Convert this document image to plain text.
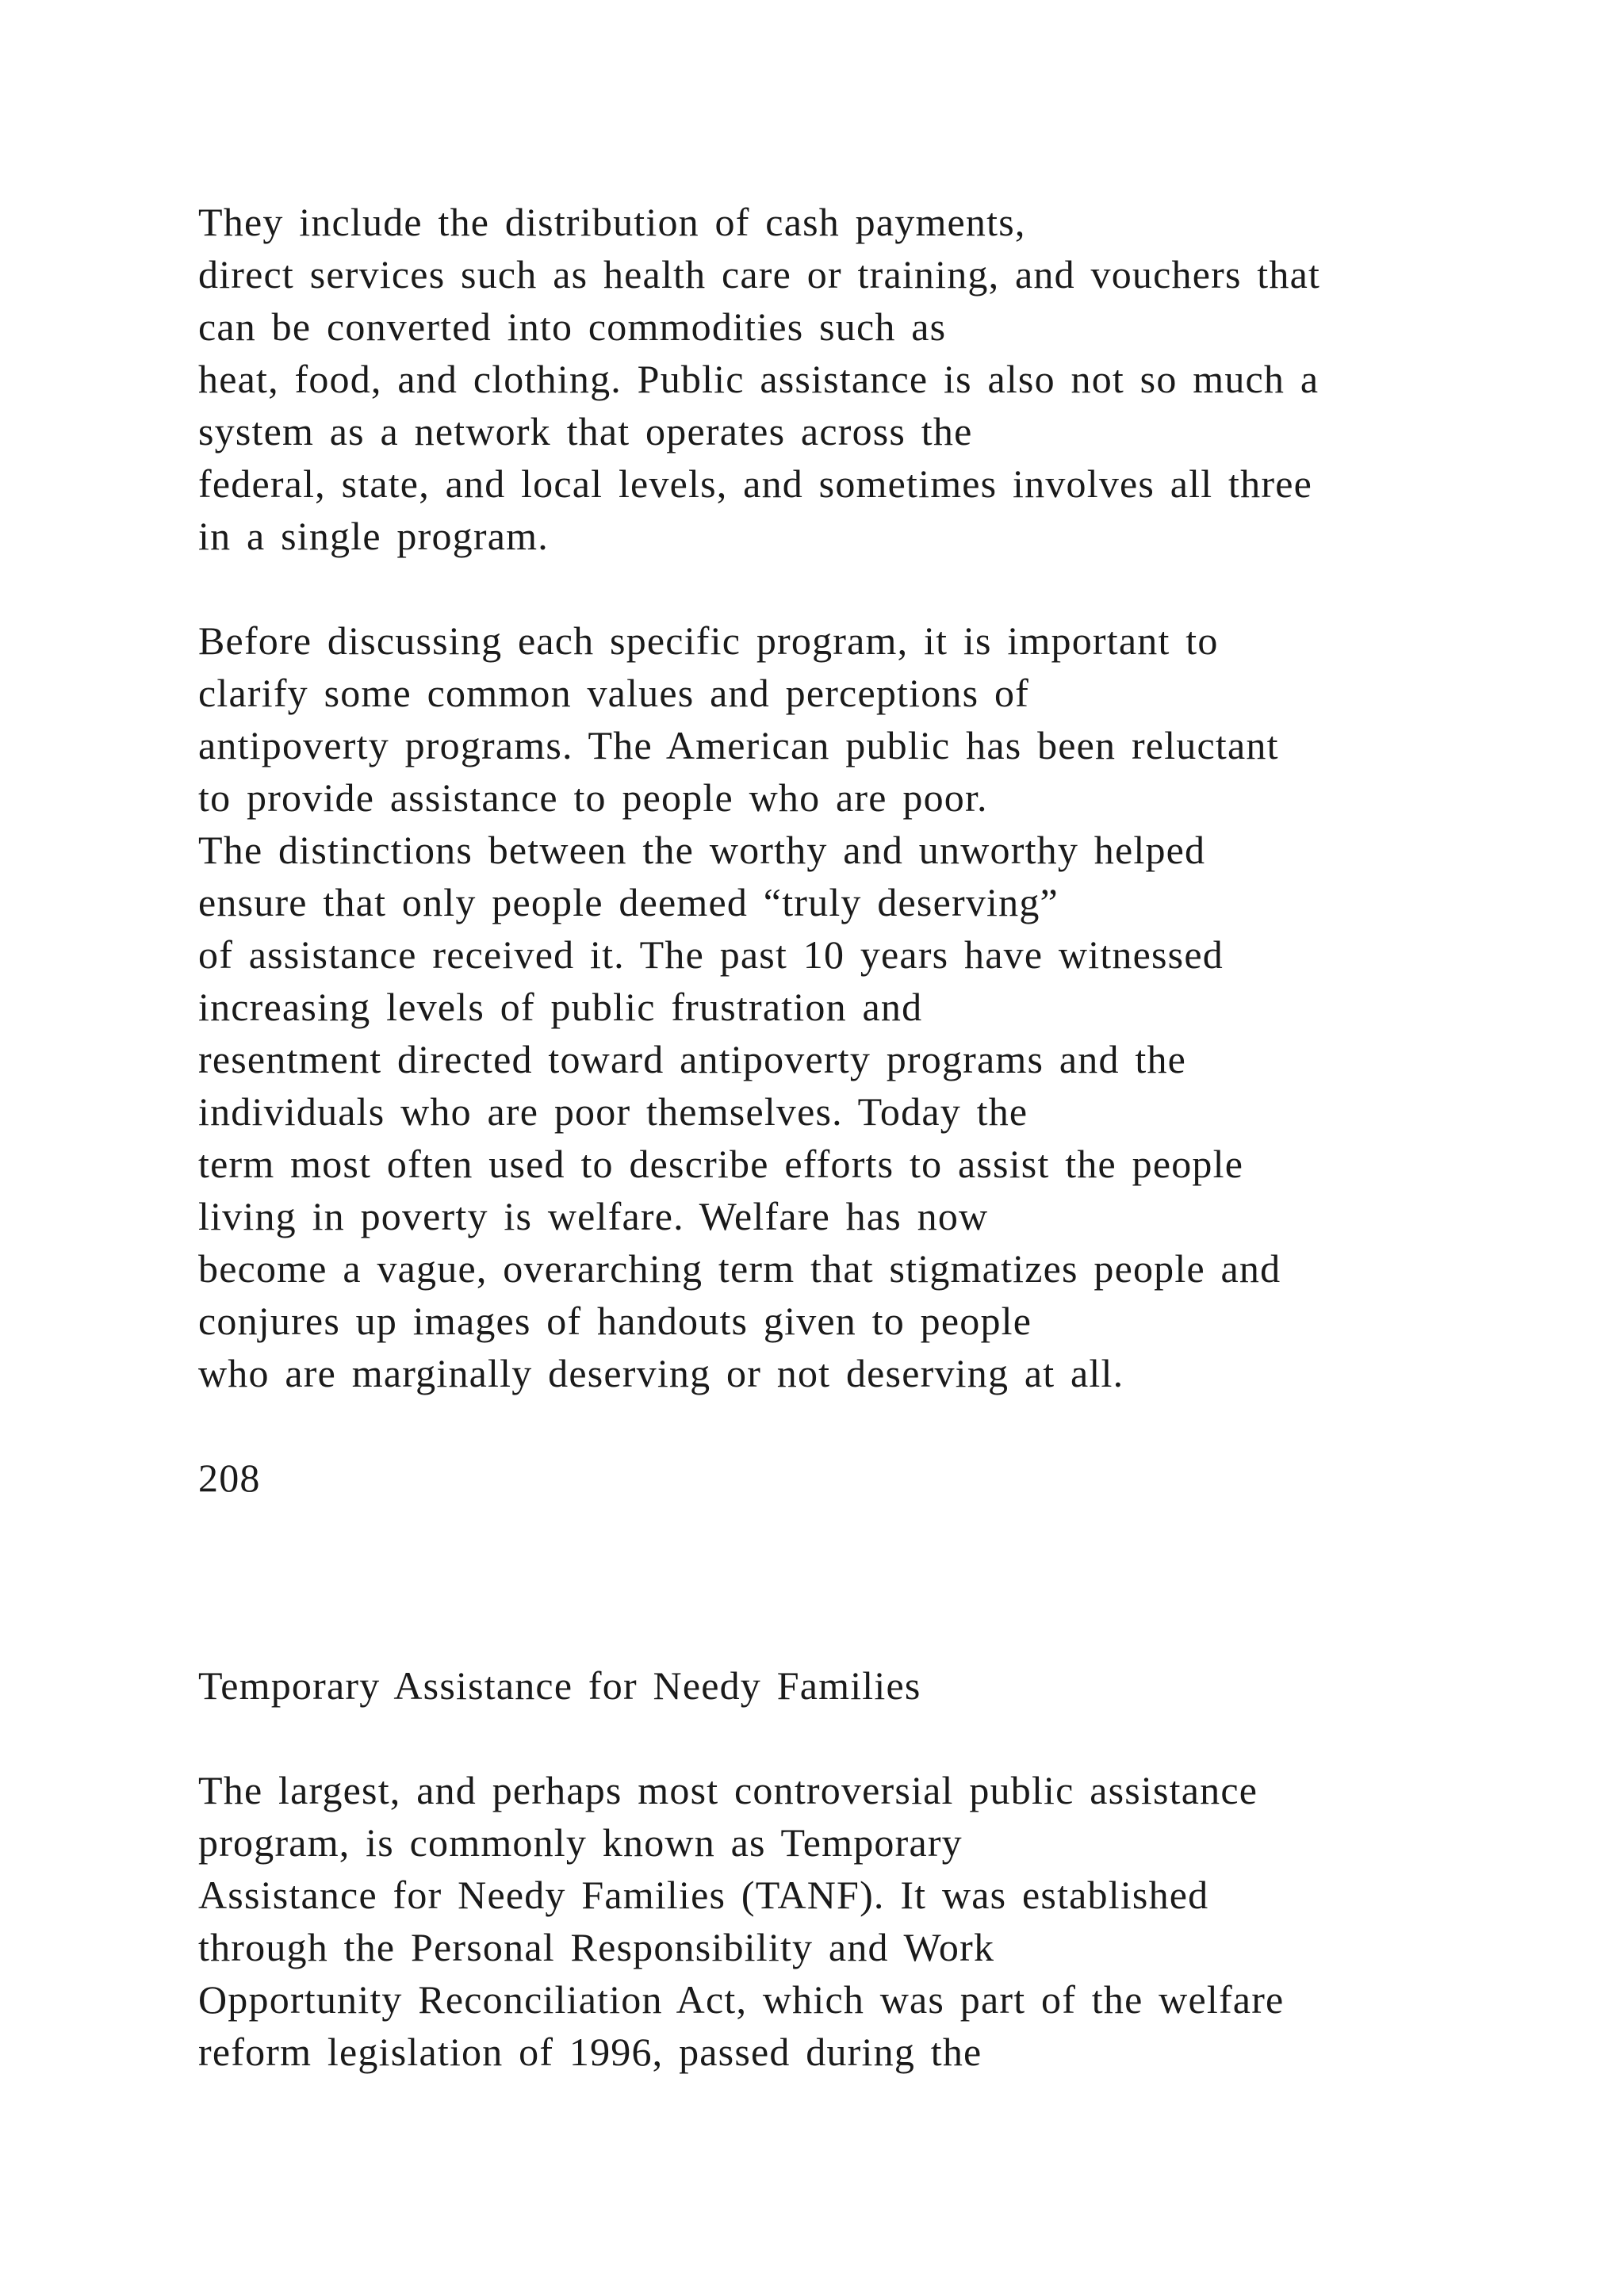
They include the distribution of cash payments,

direct services such as health care or training, and vouchers that

can be converted into commodities such as

heat, food, and clothing. Public assistance is also not so much a

system as a network that operates across the

federal, state, and local levels, and sometimes involves all three

in a single program.

Before discussing each specific program, it is important to

clarify some common values and perceptions of

antipoverty programs. The American public has been reluctant

to provide assistance to people who are poor.

The distinctions between the worthy and unworthy helped

ensure that only people deemed “truly deserving”

of assistance received it. The past 10 years have witnessed

increasing levels of public frustration and

resentment directed toward antipoverty programs and the

individuals who are poor themselves. Today the

term most often used to describe efforts to assist the people

living in poverty is welfare. Welfare has now

become a vague, overarching term that stigmatizes people and

conjures up images of handouts given to people

who are marginally deserving or not deserving at all.

208

Temporary Assistance for Needy Families

The largest, and perhaps most controversial public assistance

program, is commonly known as Temporary

Assistance for Needy Families (TANF). It was established

through the Personal Responsibility and Work

Opportunity Reconciliation Act, which was part of the welfare

reform legislation of 1996, passed during the
